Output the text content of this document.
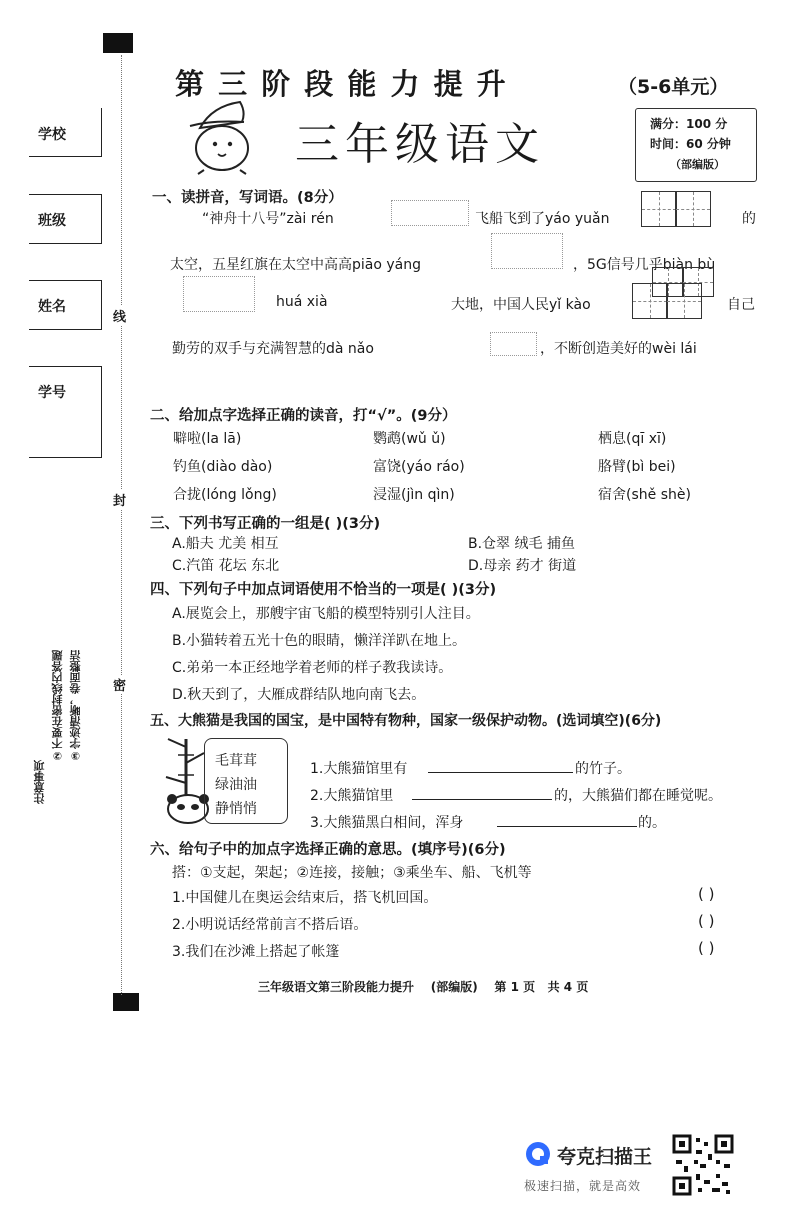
学校
班级
姓名
学号
线
封
密
②不要在密封线内答题 ③字迹清晰，卷面整洁
注意事项
第 三 阶 段 能 力 提 升	（5-6单元）
三年级语文	满分：100 分
时间：60 分钟
（部编版）
一、读拼音，写词语。(8分）
“神舟十八号”zài rén	飞船飞到了yáo yuǎn	的
太空，五星红旗在太空中高高piāo yáng	，5G信号几乎biàn bù
huá xià	大地，中国人民yǐ kào	自己
勤劳的双手与充满智慧的dà nǎo	，不断创造美好的wèi lái
二、给加点字选择正确的读音，打“√”。(9分）
噼啦(la lā)	鹦鹉(wǔ ǔ)	栖息(qī xī)
钓鱼(diào dào)	富饶(yáo ráo)	胳臂(bì bei)
合拢(lóng lǒng)	浸湿(jìn qìn)	宿舍(shě shè)
三、下列书写正确的一组是( )(3分)
A.船夫 尤美 相互	B.仓翠 绒毛 捕鱼
C.汽笛 花坛 东北	D.母亲 药才 街道
四、下列句子中加点词语使用不恰当的一项是( )(3分)
A.展览会上，那艘宇宙飞船的模型特别引人注目。
B.小猫转着五光十色的眼睛，懒洋洋趴在地上。
C.弟弟一本正经地学着老师的样子教我读诗。
D.秋天到了，大雁成群结队地向南飞去。
五、大熊猫是我国的国宝，是中国特有物种，国家一级保护动物。(选词填空)(6分)
毛茸茸
绿油油
静悄悄
1.大熊猫馆里有	的竹子。
2.大熊猫馆里	的，大熊猫们都在睡觉呢。
3.大熊猫黑白相间，浑身	的。
六、给句子中的加点字选择正确的意思。(填序号)(6分)
搭：①支起，架起；②连接，接触；③乘坐车、船、飞机等
1.中国健儿在奥运会结束后，搭飞机回国。	( )
2.小明说话经常前言不搭后语。	( )
3.我们在沙滩上搭起了帐篷	( )
三年级语文第三阶段能力提升    (部编版)    第 1 页   共 4 页
夸克扫描王
极速扫描，就是高效
